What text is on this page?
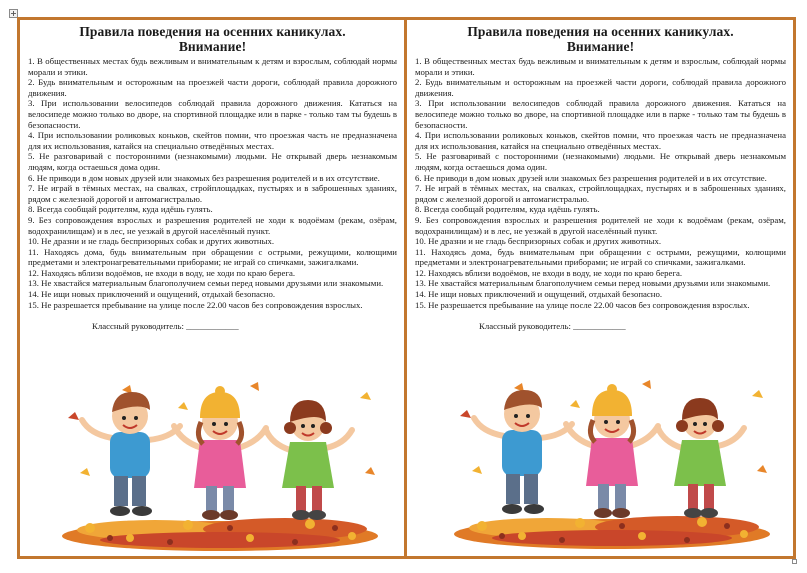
+

Правила поведения на осенних каникулах.

Внимание!

1. В общественных местах будь вежливым и внимательным к детям и взрослым, соблюдай нормы морали и этики.

2. Будь внимательным и осторожным на проезжей части дороги, соблюдай правила дорожного движения.

3. При использовании велосипедов соблюдай правила дорожного движения. Кататься на велосипеде можно только во дворе, на спортивной площадке или в парке - только там ты будешь в безопасности.

4. При использовании роликовых коньков, скейтов помни, что проезжая часть не предназначена для их использования, катайся на специально отведённых местах.

5. Не разговаривай с посторонними (незнакомыми) людьми. Не открывай дверь незнакомым людям, когда остаешься дома один.

6. Не приводи в дом новых друзей или знакомых без разрешения родителей и в их отсутствие.

7. Не играй в тёмных местах, на свалках, стройплощадках, пустырях и в заброшенных зданиях, рядом с железной дорогой и автомагистралью.

8. Всегда сообщай родителям, куда идёшь гулять.

9. Без сопровождения взрослых и разрешения родителей не ходи к водоёмам (рекам, озёрам, водохранилищам) и в лес, не уезжай в другой населённый пункт.

10. Не дразни и не гладь беспризорных собак и других животных.

11. Находясь дома, будь внимательным при обращении с острыми, режущими, колющими предметами и электронагревательными приборами; не играй со спичками, зажигалками.

12. Находясь вблизи водоёмов, не входи в воду, не ходи по краю берега.

13. Не хвастайся материальным благополучием семьи перед новыми друзьями или знакомыми.

14. Не ищи новых приключений и ощущений, отдыхай безопасно.

15. Не разрешается пребывание на улице после 22.00 часов без сопровождения взрослых.

Классный руководитель: ____________

Правила поведения на осенних каникулах.

Внимание!

1. В общественных местах будь вежливым и внимательным к детям и взрослым, соблюдай нормы морали и этики.

2. Будь внимательным и осторожным на проезжей части дороги, соблюдай правила дорожного движения.

3. При использовании велосипедов соблюдай правила дорожного движения. Кататься на велосипеде можно только во дворе, на спортивной площадке или в парке - только там ты будешь в безопасности.

4. При использовании роликовых коньков, скейтов помни, что проезжая часть не предназначена для их использования, катайся на специально отведённых местах.

5. Не разговаривай с посторонними (незнакомыми) людьми. Не открывай дверь незнакомым людям, когда остаешься дома один.

6. Не приводи в дом новых друзей или знакомых без разрешения родителей и в их отсутствие.

7. Не играй в тёмных местах, на свалках, стройплощадках, пустырях и в заброшенных зданиях, рядом с железной дорогой и автомагистралью.

8. Всегда сообщай родителям, куда идёшь гулять.

9. Без сопровождения взрослых и разрешения родителей не ходи к водоёмам (рекам, озёрам, водохранилищам) и в лес, не уезжай в другой населённый пункт.

10. Не дразни и не гладь беспризорных собак и других животных.

11. Находясь дома, будь внимательным при обращении с острыми, режущими, колющими предметами и электронагревательными приборами; не играй со спичками, зажигалками.

12. Находясь вблизи водоёмов, не входи в воду, не ходи по краю берега.

13. Не хвастайся материальным благополучием семьи перед новыми друзьями или знакомыми.

14. Не ищи новых приключений и ощущений, отдыхай безопасно.

15. Не разрешается пребывание на улице после 22.00 часов без сопровождения взрослых.

Классный руководитель: ____________
